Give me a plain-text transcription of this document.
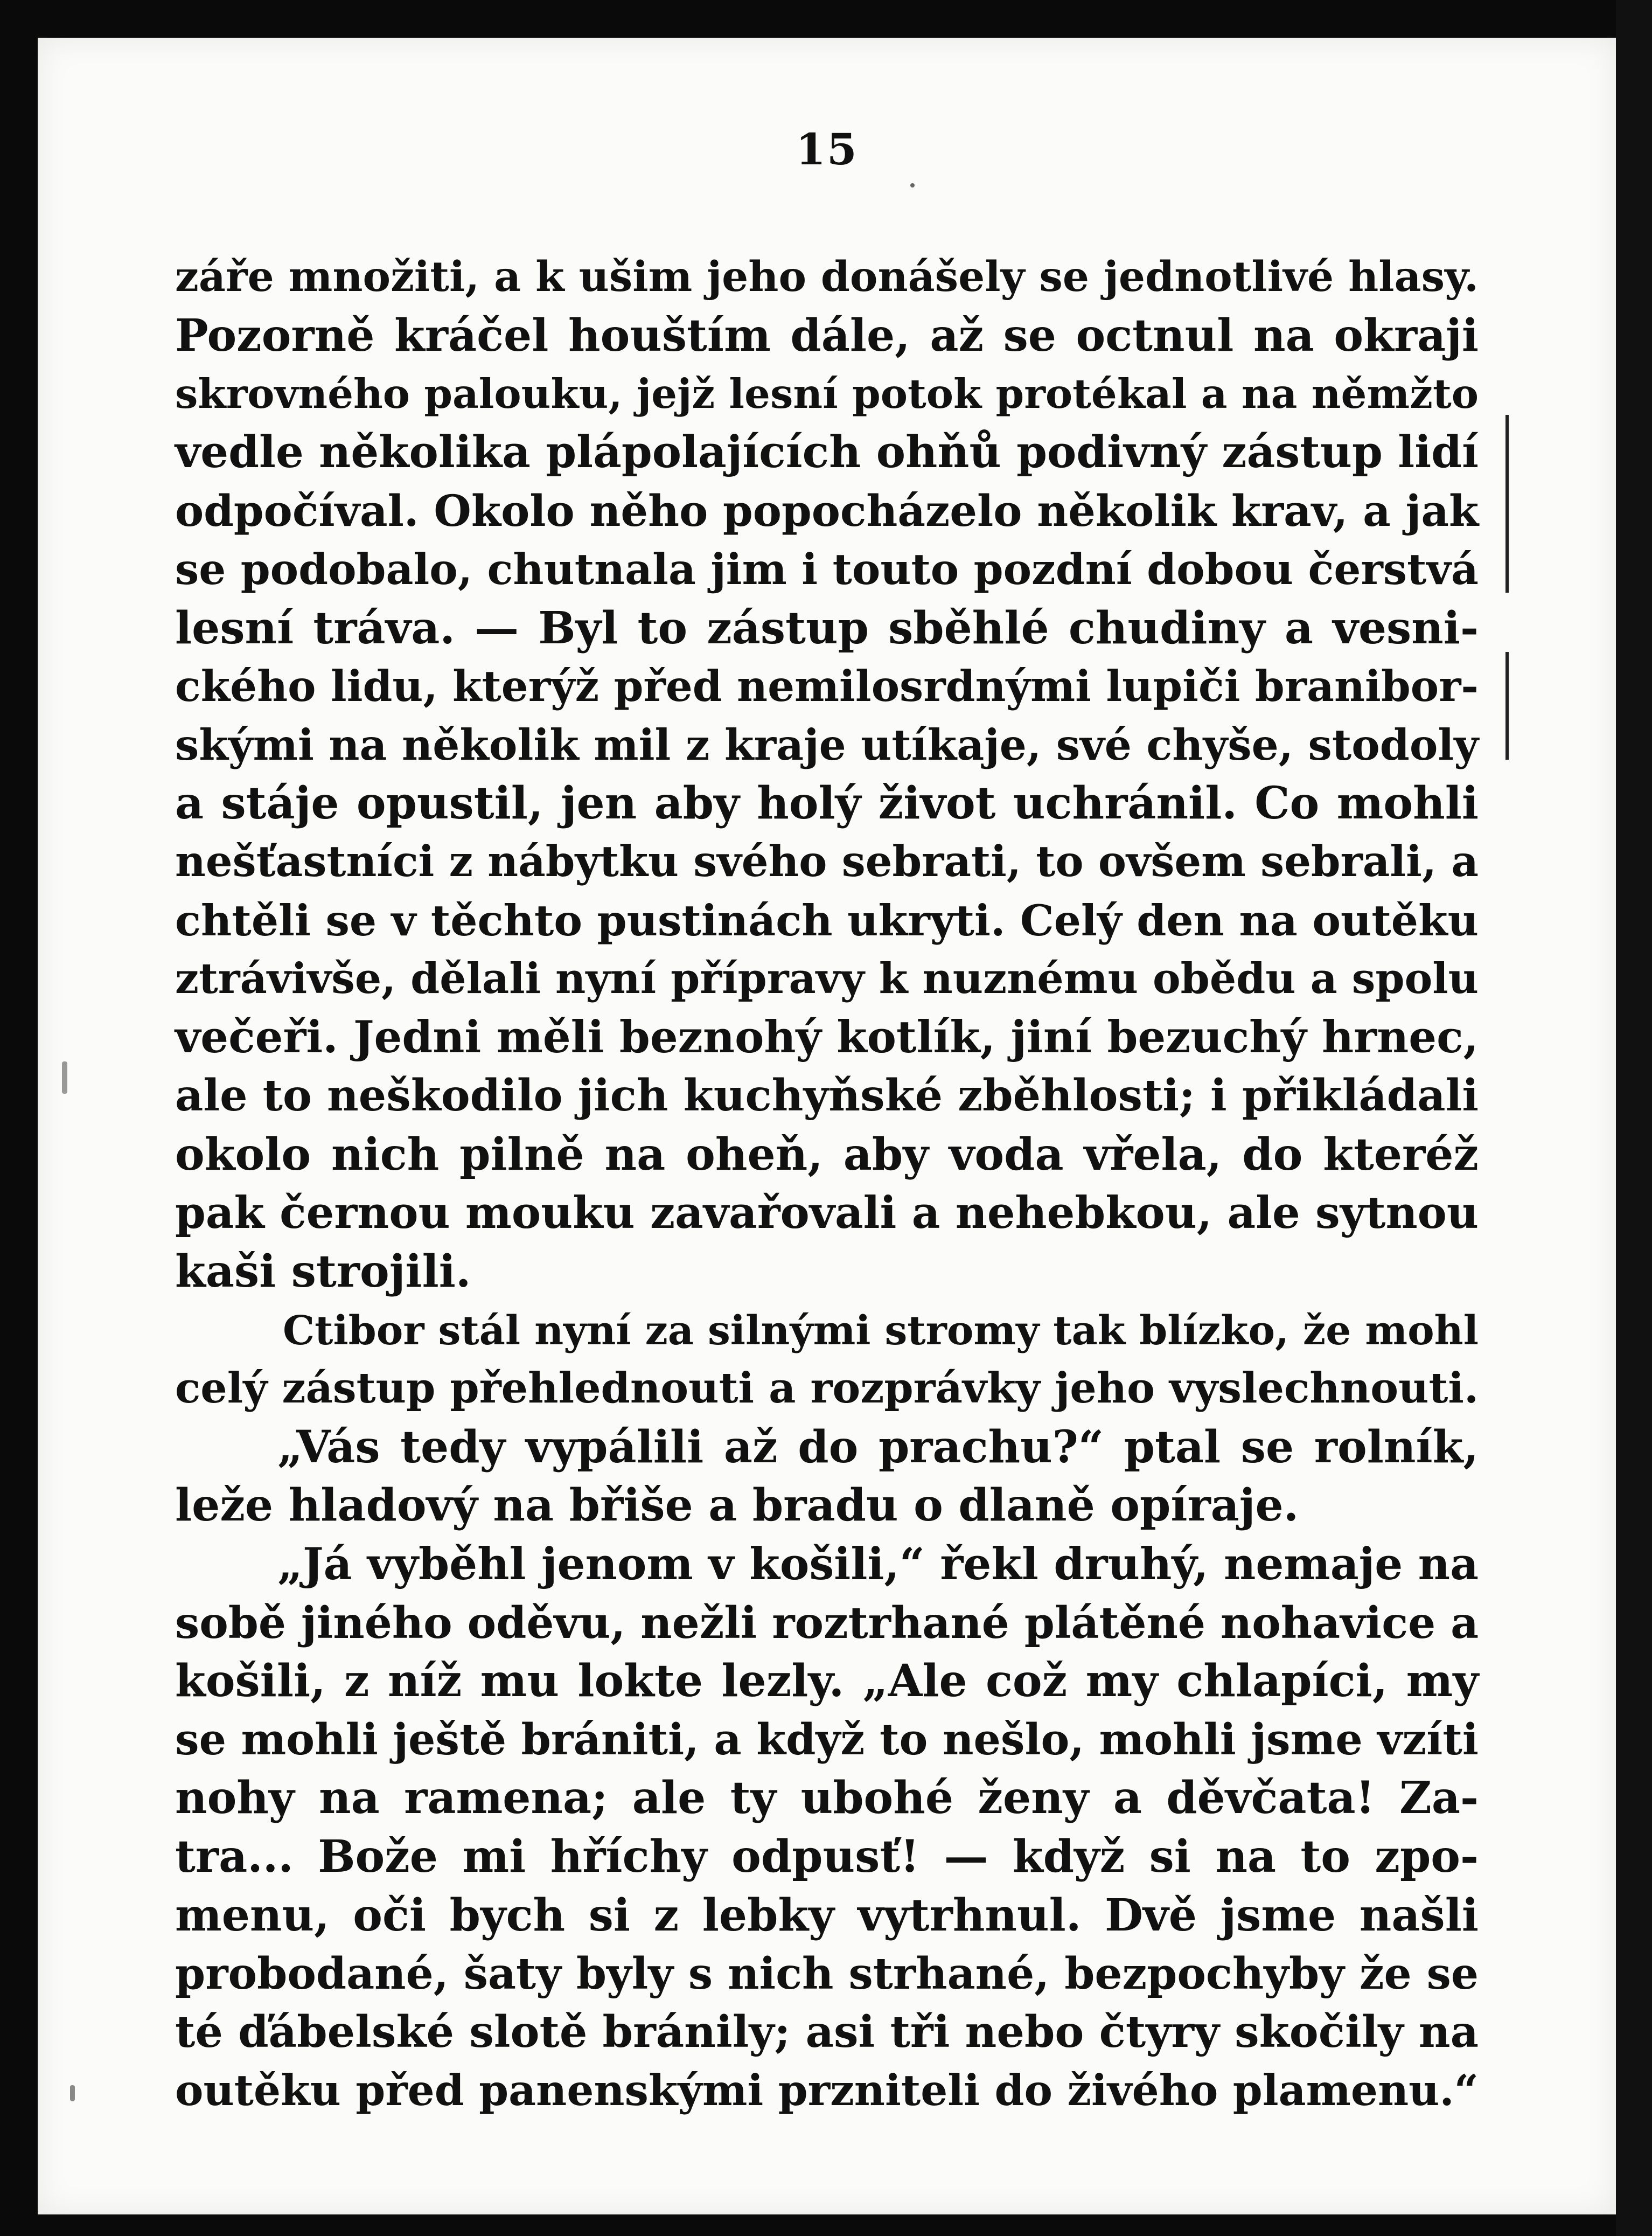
15
záře množiti, a k ušim jeho donášely se jednotlivé hlasy.
Pozorně kráčel houštím dále, až se octnul na okraji
skrovného palouku, jejž lesní potok protékal a na němžto
vedle několika plápolajících ohňů podivný zástup lidí
odpočíval. Okolo něho popocházelo několik krav, a jak
se podobalo, chutnala jim i touto pozdní dobou čerstvá
lesní tráva. — Byl to zástup sběhlé chudiny a vesni-
ckého lidu, kterýž před nemilosrdnými lupiči branibor-
skými na několik mil z kraje utíkaje, své chyše, stodoly
a stáje opustil, jen aby holý život uchránil. Co mohli
nešťastníci z nábytku svého sebrati, to ovšem sebrali, a
chtěli se v těchto pustinách ukryti. Celý den na outěku
ztrávivše, dělali nyní přípravy k nuznému obědu a spolu
večeři. Jedni měli beznohý kotlík, jiní bezuchý hrnec,
ale to neškodilo jich kuchyňské zběhlosti; i přikládali
okolo nich pilně na oheň, aby voda vřela, do kteréž
pak černou mouku zavařovali a nehebkou, ale sytnou
kaši strojili.
Ctibor stál nyní za silnými stromy tak blízko, že mohl
celý zástup přehlednouti a rozprávky jeho vyslechnouti.
„Vás tedy vypálili až do prachu?“ ptal se rolník,
leže hladový na břiše a bradu o dlaně opíraje.
„Já vyběhl jenom v košili,“ řekl druhý, nemaje na
sobě jiného oděvu, nežli roztrhané plátěné nohavice a
košili, z níž mu lokte lezly. „Ale což my chlapíci, my
se mohli ještě brániti, a když to nešlo, mohli jsme vzíti
nohy na ramena; ale ty ubohé ženy a děvčata! Za-
tra... Bože mi hříchy odpusť! — když si na to zpo-
menu, oči bych si z lebky vytrhnul. Dvě jsme našli
probodané, šaty byly s nich strhané, bezpochyby že se
té ďábelské slotě bránily; asi tři nebo čtyry skočily na
outěku před panenskými przniteli do živého plamenu.“
